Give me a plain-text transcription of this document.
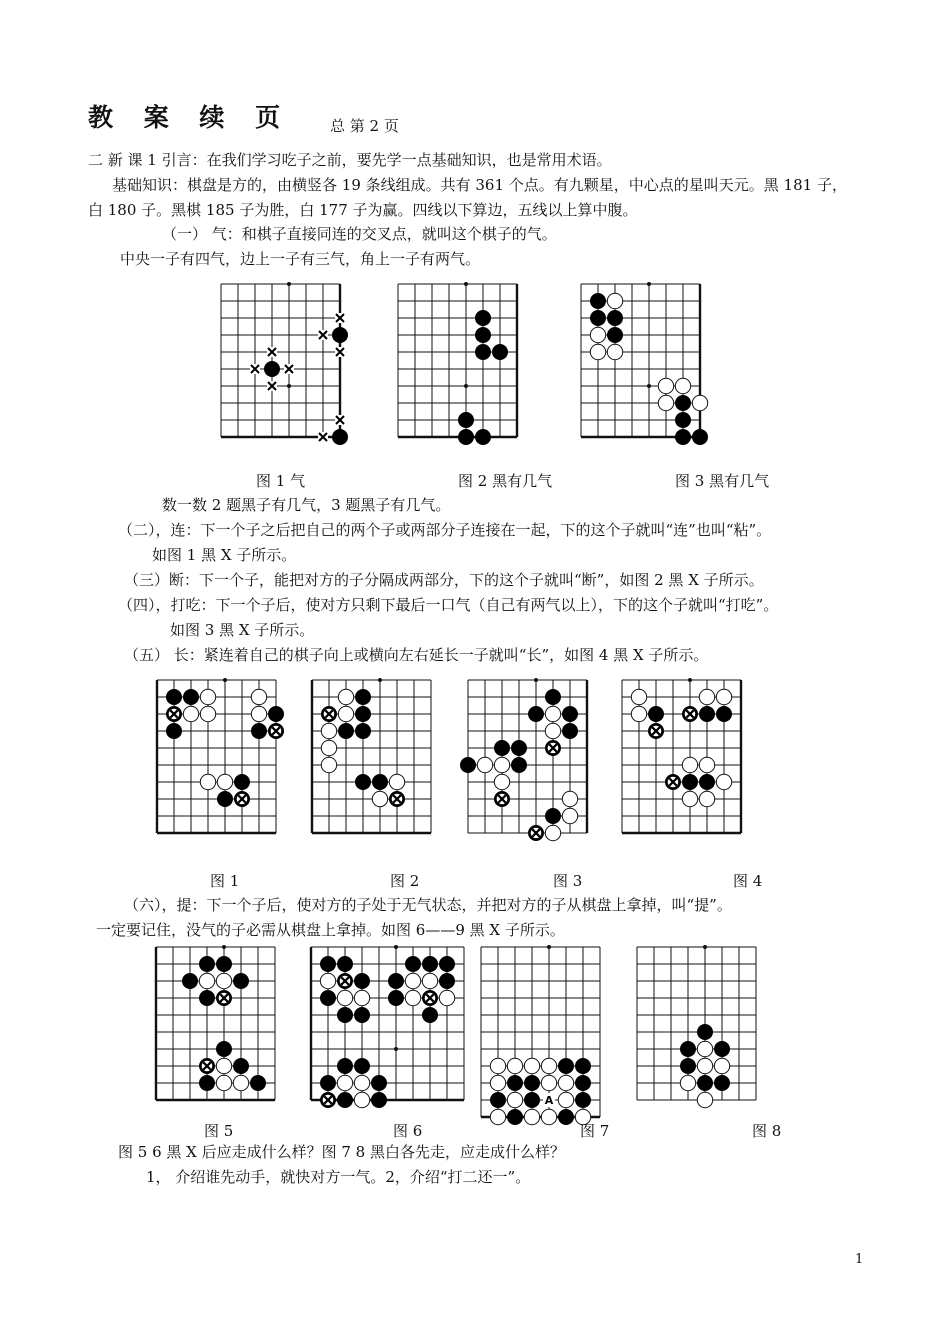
教 案 续 页	总 第 2 页
二 新 课 1 引言：在我们学习吃子之前，要先学一点基础知识，也是常用术语。
基础知识：棋盘是方的，由横竖各 19 条线组成。共有 361 个点。有九颗星，中心点的星叫天元。黑 181 子，
白 180 子。黑棋 185 子为胜，白 177 子为赢。四线以下算边，五线以上算中腹。
（一） 气：和棋子直接同连的交叉点，就叫这个棋子的气。
中央一子有四气，边上一子有三气，角上一子有两气。
图 1 气	图 2 黑有几气	图 3 黑有几气
数一数 2 题黑子有几气，3 题黑子有几气。
（二），连：下一个子之后把自己的两个子或两部分子连接在一起，下的这个子就叫“连”也叫“粘”。
如图 1 黑 X 子所示。
（三）断：下一个子，能把对方的子分隔成两部分，下的这个子就叫“断”，如图 2 黑 X 子所示。
（四），打吃：下一个子后，使对方只剩下最后一口气（自己有两气以上），下的这个子就叫“打吃”。
如图 3 黑 X 子所示。
（五） 长：紧连着自己的棋子向上或横向左右延长一子就叫“长”，如图 4 黑 X 子所示。
图 1	图 2	图 3	图 4
（六），提：下一个子后，使对方的子处于无气状态，并把对方的子从棋盘上拿掉，叫“提”。
一定要记住，没气的子必需从棋盘上拿掉。如图 6——9 黑 X 子所示。
A
图 5	图 6	图 7	图 8
图 5 6 黑 X 后应走成什么样？图 7 8 黑白各先走，应走成什么样？
1， 介绍谁先动手，就快对方一气。2，介绍“打二还一”。
1
